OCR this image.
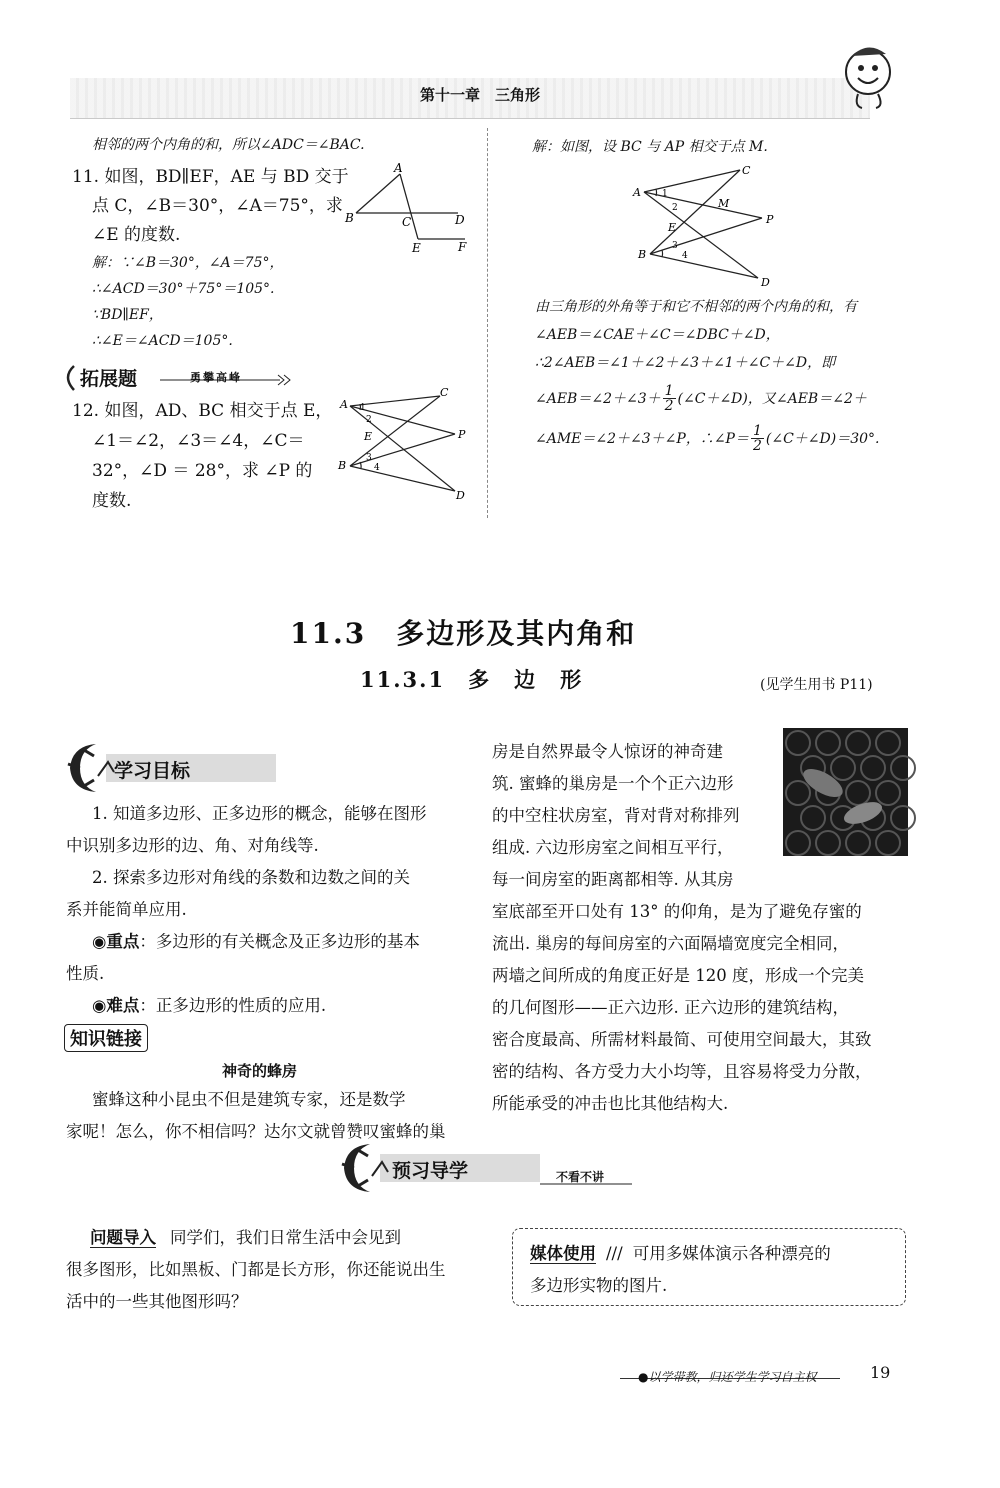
第十一章　三角形
相邻的两个内角的和，所以∠ADC＝∠BAC.
11. 如图，BD∥EF，AE 与 BD 交于
点 C，∠B＝30°，∠A＝75°，求
∠E 的度数.
解：∵∠B＝30°，∠A＝75°，
∴∠ACD＝30°＋75°＝105°.
∵BD∥EF，
∴∠E＝∠ACD＝105°.
A
B	C	D
E	F
拓展题	勇攀高峰
12. 如图，AD、BC 相交于点 E，
∠1＝∠2，∠3＝∠4，∠C＝
32°，∠D ＝ 28°，求 ∠P 的
度数.
A
C
P
D
B
E
1
2
3
4
解：如图，设 BC 与 AP 相交于点 M.
A
C
P
D
B
E
M
1
2
3
4
由三角形的外角等于和它不相邻的两个内角的和，有
∠AEB＝∠CAE＋∠C＝∠DBC＋∠D，
∴2∠AEB＝∠1＋∠2＋∠3＋∠1＋∠C＋∠D，即
∠AEB＝∠2＋∠3＋ $\frac{1}{2}$ (∠C＋∠D)，又∠AEB＝∠2＋
∠AME＝∠2＋∠3＋∠P，∴∠P＝ $\frac{1}{2}$ (∠C＋∠D)＝30°.
11.3　多边形及其内角和
11.3.1　多　边　形	(见学生用书 P11)
学习目标
1. 知道多边形、正多边形的概念，能够在图形
中识别多边形的边、角、对角线等.
2. 探索多边形对角线的条数和边数之间的关
系并能简单应用.
◉重点：多边形的有关概念及正多边形的基本
性质.
◉难点：正多边形的性质的应用.
知识链接
神奇的蜂房
蜜蜂这种小昆虫不但是建筑专家，还是数学
家呢！怎么，你不相信吗？达尔文就曾赞叹蜜蜂的巢
房是自然界最令人惊讶的神奇建
筑. 蜜蜂的巢房是一个个正六边形
的中空柱状房室，背对背对称排列
组成. 六边形房室之间相互平行，
每一间房室的距离都相等. 从其房
室底部至开口处有 13° 的仰角，是为了避免存蜜的
流出. 巢房的每间房室的六面隔墙宽度完全相同，
两墙之间所成的角度正好是 120 度，形成一个完美
的几何图形——正六边形. 正六边形的建筑结构，
密合度最高、所需材料最简、可使用空间最大，其致
密的结构、各方受力大小均等，且容易将受力分散，
所能承受的冲击也比其他结构大.
预习导学	不看不讲
问题导入 同学们，我们日常生活中会见到
很多图形，比如黑板、门都是长方形，你还能说出生
活中的一些其他图形吗？
媒体使用 /// 可用多媒体演示各种漂亮的
多边形实物的图片.
●以学带教，归还学生学习自主权	19
